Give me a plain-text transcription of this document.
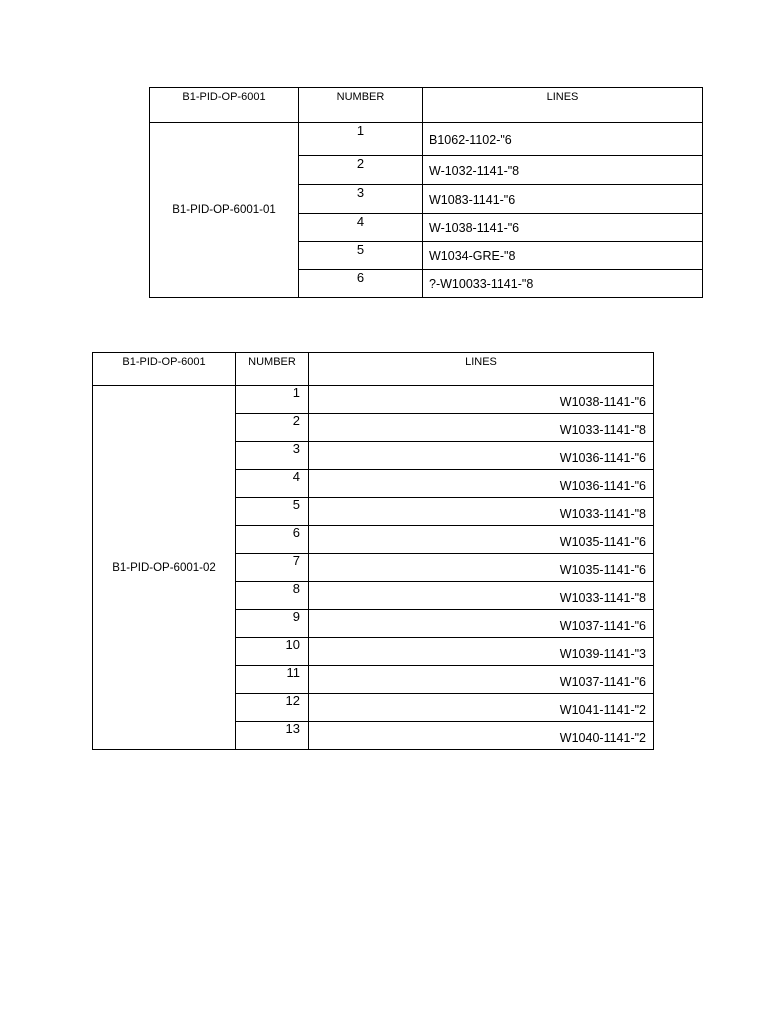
B1-PID-OP-6001	NUMBER	LINES
B1-PID-OP-6001-01	1	B1062-1102-"6
	2	W-1032-1141-"8
	3	W1083-1141-"6
	4	W-1038-1141-"6
	5	W1034-GRE-"8
	6	?-W10033-1141-"8
B1-PID-OP-6001	NUMBER	LINES
B1-PID-OP-6001-02	1	W1038-1141-"6
	2	W1033-1141-"8
	3	W1036-1141-"6
	4	W1036-1141-"6
	5	W1033-1141-"8
	6	W1035-1141-"6
	7	W1035-1141-"6
	8	W1033-1141-"8
	9	W1037-1141-"6
	10	W1039-1141-"3
	11	W1037-1141-"6
	12	W1041-1141-"2
	13	W1040-1141-"2
